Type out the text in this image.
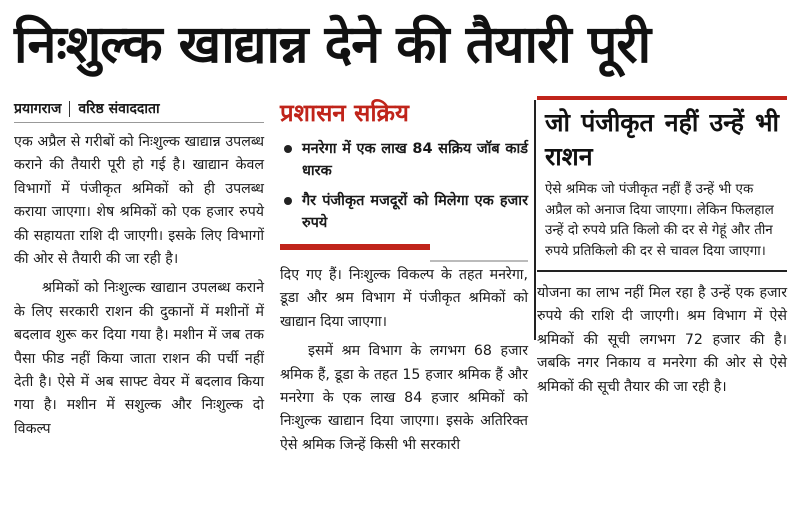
निःशुल्क खाद्यान्न देने की तैयारी पूरी
प्रयागराज वरिष्ठ संवाददाता

एक अप्रैल से गरीबों को निःशुल्क खाद्यान्न उपलब्ध कराने की तैयारी पूरी हो गई है। खाद्यान केवल विभागों में पंजीकृत श्रमिकों को ही उपलब्ध कराया जाएगा। शेष श्रमिकों को एक हजार रुपये की सहायता राशि दी जाएगी। इसके लिए विभागों की ओर से तैयारी की जा रही है।

श्रमिकों को निःशुल्क खाद्यान उपलब्ध कराने के लिए सरकारी राशन की दुकानों में मशीनों में बदलाव शुरू कर दिया गया है। मशीन में जब तक पैसा फीड नहीं किया जाता राशन की पर्ची नहीं देती है। ऐसे में अब साफ्ट वेयर में बदलाव किया गया है। मशीन में सशुल्क और निःशुल्क दो विकल्प

प्रशासन सक्रिय
मनरेगा में एक लाख 84 सक्रिय जॉब कार्ड धारक
गैर पंजीकृत मजदूरों को मिलेगा एक हजार रुपये

दिए गए हैं। निःशुल्क विकल्प के तहत मनरेगा, डूडा और श्रम विभाग में पंजीकृत श्रमिकों को खाद्यान दिया जाएगा।

इसमें श्रम विभाग के लगभग 68 हजार श्रमिक हैं, डूडा के तहत 15 हजार श्रमिक हैं और मनरेगा के एक लाख 84 हजार श्रमिकों को निःशुल्क खाद्यान दिया जाएगा। इसके अतिरिक्त ऐसे श्रमिक जिन्हें किसी भी सरकारी

जो पंजीकृत नहीं उन्हें भी राशन
ऐसे श्रमिक जो पंजीकृत नहीं हैं उन्हें भी एक अप्रैल को अनाज दिया जाएगा। लेकिन फिलहाल उन्हें दो रुपये प्रति किलो की दर से गेहूं और तीन रुपये प्रतिकिलो की दर से चावल दिया जाएगा।

योजना का लाभ नहीं मिल रहा है उन्हें एक हजार रुपये की राशि दी जाएगी। श्रम विभाग में ऐसे श्रमिकों की सूची लगभग 72 हजार की है। जबकि नगर निकाय व मनरेगा की ओर से ऐसे श्रमिकों की सूची तैयार की जा रही है।
